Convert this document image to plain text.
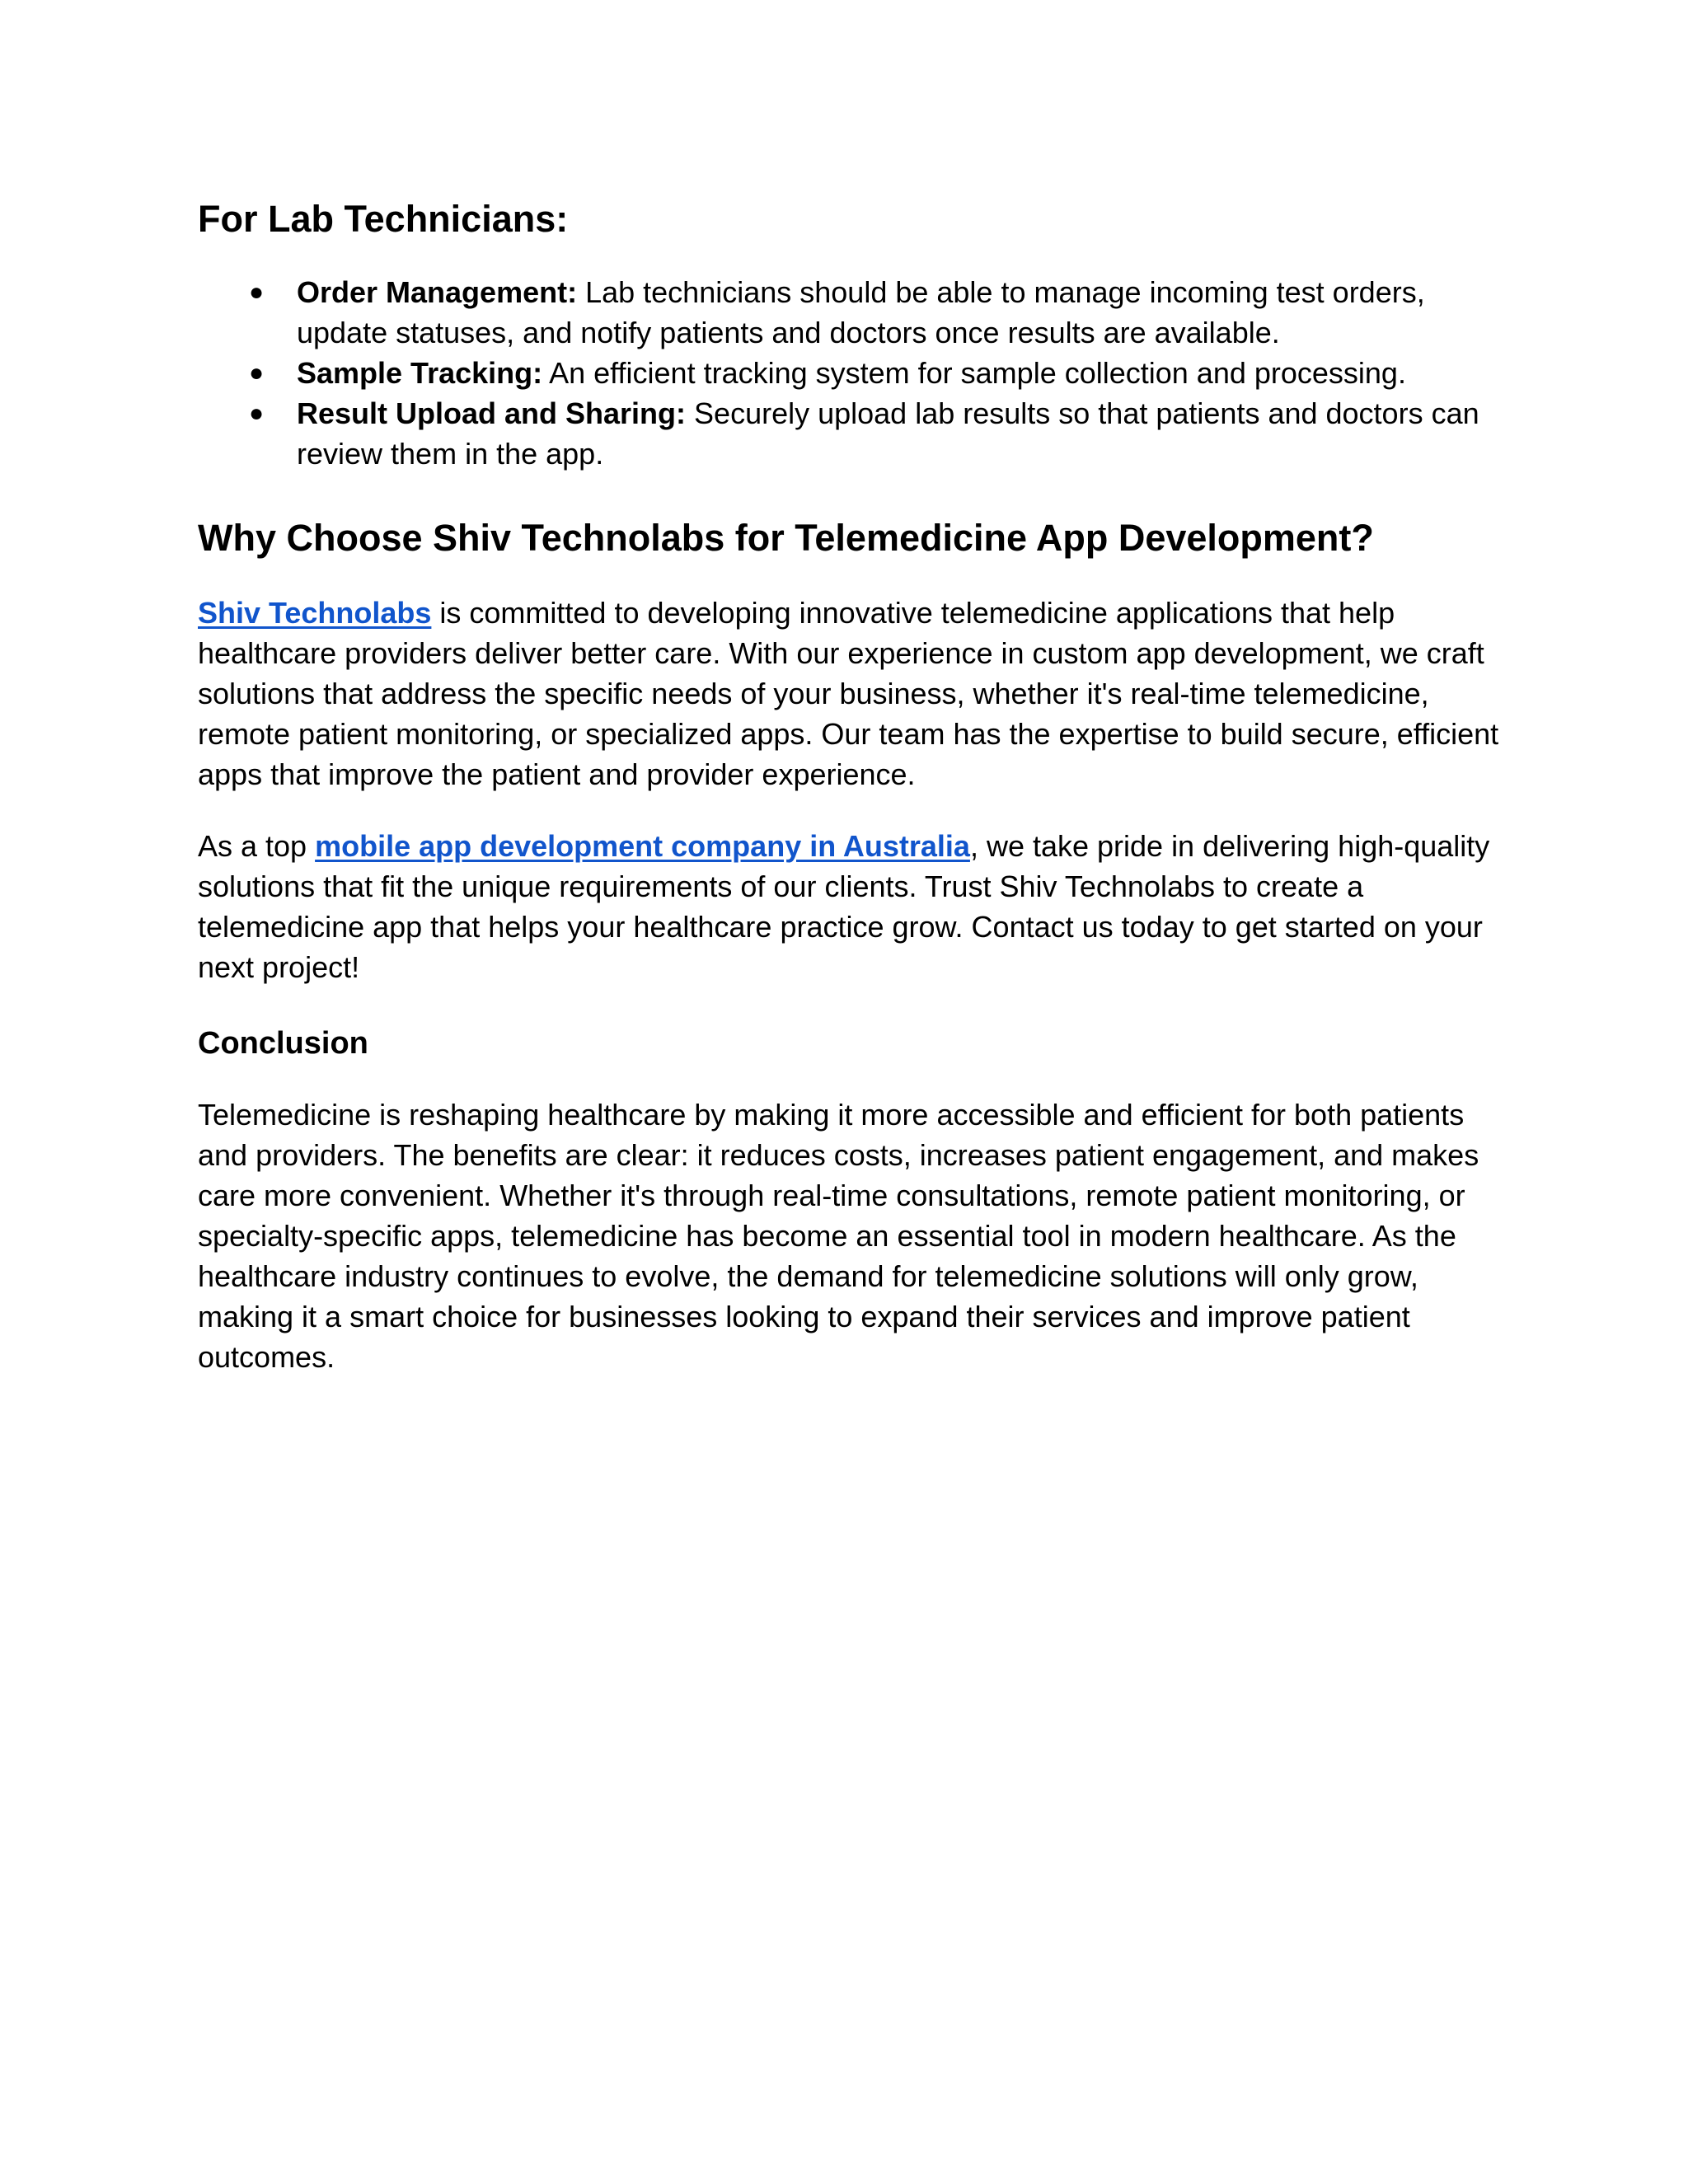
For Lab Technicians:
● Order Management: Lab technicians should be able to manage incoming test orders, update statuses, and notify patients and doctors once results are available.
● Sample Tracking: An efficient tracking system for sample collection and processing.
● Result Upload and Sharing: Securely upload lab results so that patients and doctors can review them in the app.
Why Choose Shiv Technolabs for Telemedicine App Development?

Shiv Technolabs is committed to developing innovative telemedicine applications that help healthcare providers deliver better care. With our experience in custom app development, we craft solutions that address the specific needs of your business, whether it's real-time telemedicine, remote patient monitoring, or specialized apps. Our team has the expertise to build secure, efficient apps that improve the patient and provider experience.

As a top mobile app development company in Australia, we take pride in delivering high-quality solutions that fit the unique requirements of our clients. Trust Shiv Technolabs to create a telemedicine app that helps your healthcare practice grow. Contact us today to get started on your next project!

Conclusion

Telemedicine is reshaping healthcare by making it more accessible and efficient for both patients and providers. The benefits are clear: it reduces costs, increases patient engagement, and makes care more convenient. Whether it's through real-time consultations, remote patient monitoring, or specialty-specific apps, telemedicine has become an essential tool in modern healthcare. As the healthcare industry continues to evolve, the demand for telemedicine solutions will only grow, making it a smart choice for businesses looking to expand their services and improve patient outcomes.
